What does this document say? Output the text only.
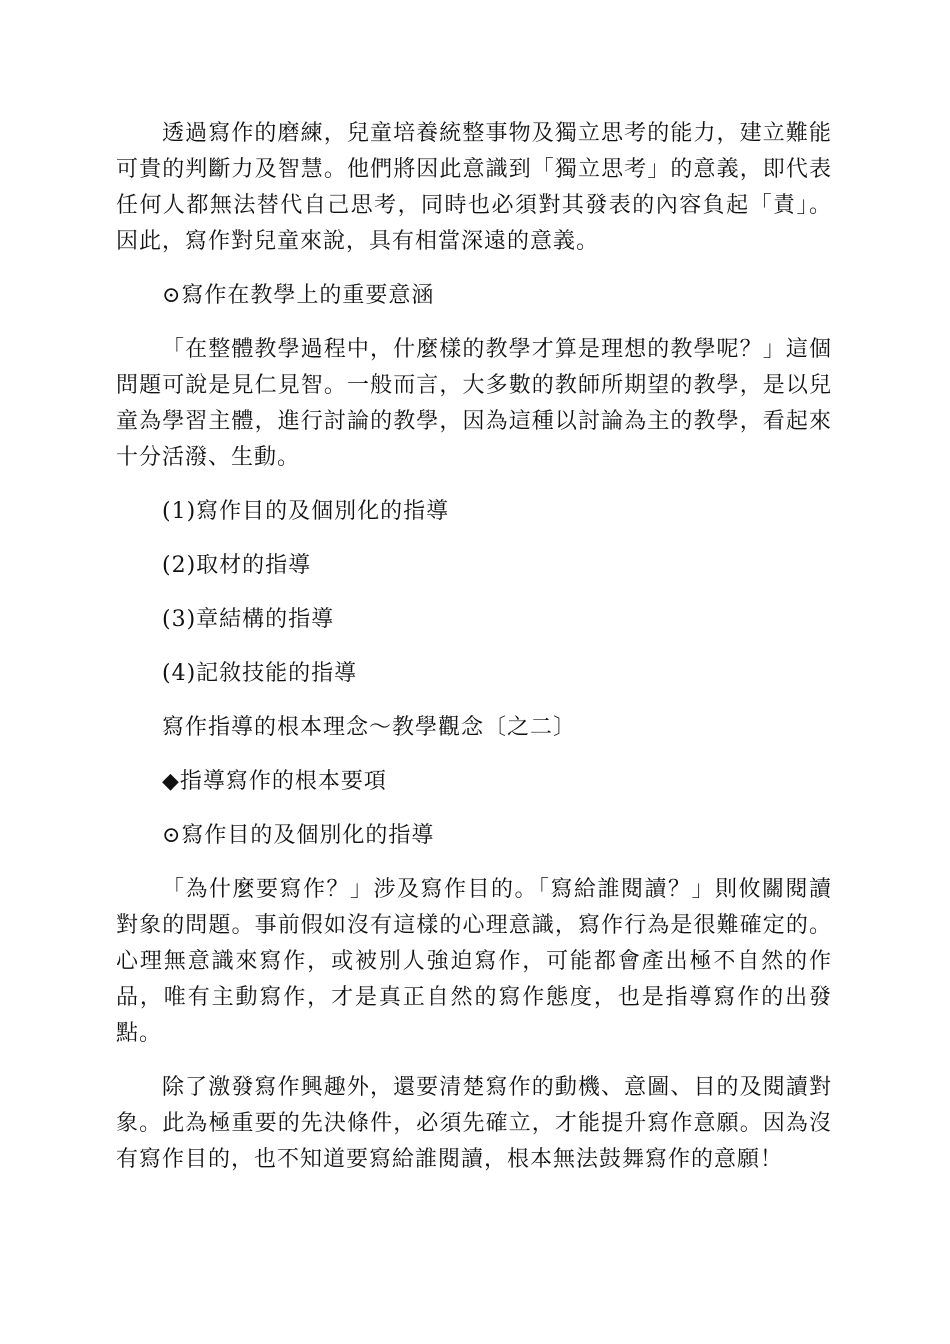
透過寫作的磨練，兒童培養統整事物及獨立思考的能力，建立難能可貴的判斷力及智慧。他們將因此意識到「獨立思考」的意義，即代表任何人都無法替代自己思考，同時也必須對其發表的內容負起「責」。因此，寫作對兒童來說，具有相當深遠的意義。

⊙寫作在教學上的重要意涵

「在整體教學過程中，什麼樣的教學才算是理想的教學呢？」這個問題可說是見仁見智。一般而言，大多數的教師所期望的教學，是以兒童為學習主體，進行討論的教學，因為這種以討論為主的教學，看起來十分活潑、生動。

(1)寫作目的及個別化的指導

(2)取材的指導

(3)章結構的指導

(4)記敘技能的指導

寫作指導的根本理念～教學觀念〔之二〕

◆指導寫作的根本要項

⊙寫作目的及個別化的指導

「為什麼要寫作？」涉及寫作目的。「寫給誰閱讀？」則攸關閱讀對象的問題。事前假如沒有這樣的心理意識，寫作行為是很難確定的。心理無意識來寫作，或被別人強迫寫作，可能都會產出極不自然的作品，唯有主動寫作，才是真正自然的寫作態度，也是指導寫作的出發點。

除了激發寫作興趣外，還要清楚寫作的動機、意圖、目的及閱讀對象。此為極重要的先決條件，必須先確立，才能提升寫作意願。因為沒有寫作目的，也不知道要寫給誰閱讀，根本無法鼓舞寫作的意願！
